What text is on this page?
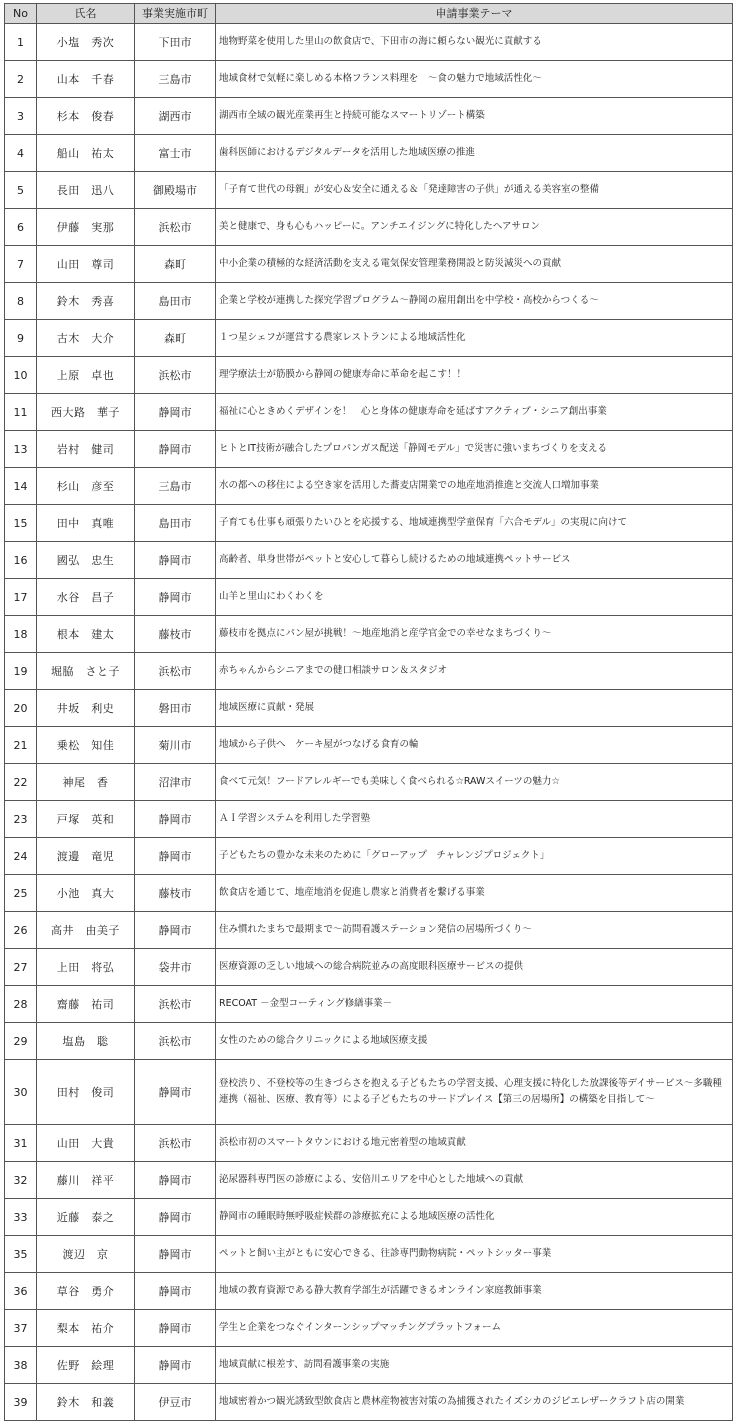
No	氏名	事業実施市町	申請事業テーマ
1	小塩　秀次	下田市	地物野菜を使用した里山の飲食店で、下田市の海に頼らない観光に貢献する
2	山本　千春	三島市	地域食材で気軽に楽しめる本格フランス料理を　～食の魅力で地域活性化～
3	杉本　俊春	湖西市	湖西市全域の観光産業再生と持続可能なスマートリゾート構築
4	船山　祐太	富士市	歯科医師におけるデジタルデータを活用した地域医療の推進
5	長田　迅八	御殿場市	「子育て世代の母親」が安心＆安全に通える＆「発達障害の子供」が通える美容室の整備
6	伊藤　実那	浜松市	美と健康で、身も心もハッピーに。アンチエイジングに特化したヘアサロン
7	山田　尊司	森町	中小企業の積極的な経済活動を支える電気保安管理業務開設と防災減災への貢献
8	鈴木　秀喜	島田市	企業と学校が連携した探究学習プログラム～静岡の雇用創出を中学校・高校からつくる～
9	古木　大介	森町	１つ星シェフが運営する農家レストランによる地域活性化
10	上原　卓也	浜松市	理学療法士が筋膜から静岡の健康寿命に革命を起こす！！
11	西大路　華子	静岡市	福祉に心ときめくデザインを！　心と身体の健康寿命を延ばすアクティブ・シニア創出事業
13	岩村　健司	静岡市	ヒトとIT技術が融合したプロパンガス配送「静岡モデル」で災害に強いまちづくりを支える
14	杉山　彦至	三島市	水の都への移住による空き家を活用した蕎麦店開業での地産地消推進と交流人口増加事業
15	田中　真唯	島田市	子育ても仕事も頑張りたいひとを応援する、地域連携型学童保育「六合モデル」の実現に向けて
16	國弘　忠生	静岡市	高齢者、単身世帯がペットと安心して暮らし続けるための地域連携ペットサービス
17	水谷　昌子	静岡市	山羊と里山にわくわくを
18	根本　建太	藤枝市	藤枝市を拠点にパン屋が挑戦！～地産地消と産学官金での幸せなまちづくり～
19	堀脇　さと子	浜松市	赤ちゃんからシニアまでの健口相談サロン＆スタジオ
20	井坂　利史	磐田市	地域医療に貢献・発展
21	乗松　知佳	菊川市	地域から子供へ　ケーキ屋がつなげる食育の輪
22	神尾　香	沼津市	食べて元気！フードアレルギーでも美味しく食べられる☆RAWスイーツの魅力☆
23	戸塚　英和	静岡市	ＡＩ学習システムを利用した学習塾
24	渡邊　竜児	静岡市	子どもたちの豊かな未来のために「グローアップ　チャレンジプロジェクト」
25	小池　真大	藤枝市	飲食店を通じて、地産地消を促進し農家と消費者を繋げる事業
26	高井　由美子	静岡市	住み慣れたまちで最期まで～訪問看護ステーション発信の居場所づくり～
27	上田　将弘	袋井市	医療資源の乏しい地域への総合病院並みの高度眼科医療サービスの提供
28	齋藤　祐司	浜松市	RECOAT －金型コーティング修繕事業－
29	塩島　聡	浜松市	女性のための総合クリニックによる地域医療支援
30	田村　俊司	静岡市	登校渋り、不登校等の生きづらさを抱える子どもたちの学習支援、心理支援に特化した放課後等デイサービス～多職種連携（福祉、医療、教育等）による子どもたちのサードプレイス【第三の居場所】の構築を目指して～
31	山田　大貴	浜松市	浜松市初のスマートタウンにおける地元密着型の地域貢献
32	藤川　祥平	静岡市	泌尿器科専門医の診療による、安倍川エリアを中心とした地域への貢献
33	近藤　泰之	静岡市	静岡市の睡眠時無呼吸症候群の診療拡充による地域医療の活性化
35	渡辺　京	静岡市	ペットと飼い主がともに安心できる、往診専門動物病院・ペットシッター事業
36	草谷　勇介	静岡市	地域の教育資源である静大教育学部生が活躍できるオンライン家庭教師事業
37	梨本　祐介	静岡市	学生と企業をつなぐインターンシップマッチングプラットフォーム
38	佐野　絵理	静岡市	地域貢献に根差す、訪問看護事業の実施
39	鈴木　和義	伊豆市	地域密着かつ観光誘致型飲食店と農林産物被害対策の為捕獲されたイズシカのジビエレザークラフト店の開業
